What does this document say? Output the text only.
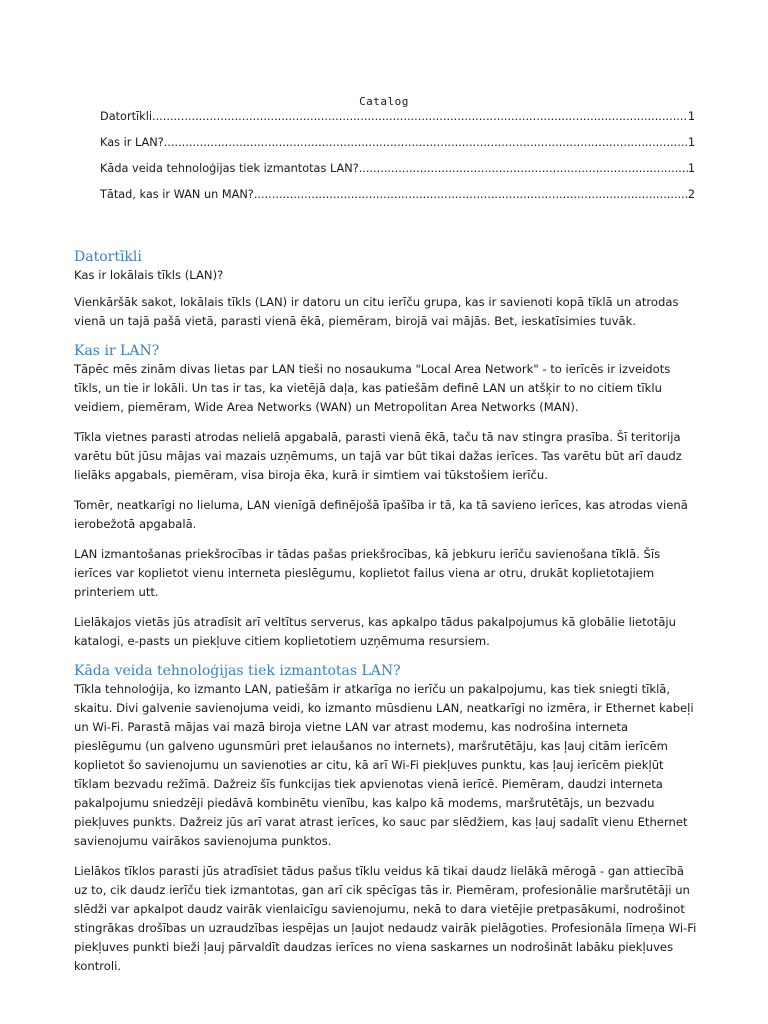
Catalog
Datortīkli .....	1
Kas ir LAN? .....	1
Kāda veida tehnoloģijas tiek izmantotas LAN? .....	1
Tātad, kas ir WAN un MAN? .....	2
Datortīkli

Kas ir lokālais tīkls (LAN)?

Vienkāršāk sakot, lokālais tīkls (LAN) ir datoru un citu ierīču grupa, kas ir savienoti kopā tīklā un atrodas vienā un tajā pašā vietā, parasti vienā ēkā, piemēram, birojā vai mājās. Bet, ieskatīsimies tuvāk.

Kas ir LAN?

Tāpēc mēs zinām divas lietas par LAN tieši no nosaukuma "Local Area Network" - to ierīcēs ir izveidots tīkls, un tie ir lokāli. Un tas ir tas, ka vietējā daļa, kas patiešām definē LAN un atšķir to no citiem tīklu veidiem, piemēram, Wide Area Networks (WAN) un Metropolitan Area Networks (MAN).

Tīkla vietnes parasti atrodas nelielā apgabalā, parasti vienā ēkā, taču tā nav stingra prasība. Šī teritorija varētu būt jūsu mājas vai mazais uzņēmums, un tajā var būt tikai dažas ierīces. Tas varētu būt arī daudz lielāks apgabals, piemēram, visa biroja ēka, kurā ir simtiem vai tūkstošiem ierīču.

Tomēr, neatkarīgi no lieluma, LAN vienīgā definējošā īpašība ir tā, ka tā savieno ierīces, kas atrodas vienā ierobežotā apgabalā.

LAN izmantošanas priekšrocības ir tādas pašas priekšrocības, kā jebkuru ierīču savienošana tīklā. Šīs ierīces var koplietot vienu interneta pieslēgumu, koplietot failus viena ar otru, drukāt koplietotajiem printeriem utt.

Lielākajos vietās jūs atradīsit arī veltītus serverus, kas apkalpo tādus pakalpojumus kā globālie lietotāju katalogi, e-pasts un piekļuve citiem koplietotiem uzņēmuma resursiem.

Kāda veida tehnoloģijas tiek izmantotas LAN?

Tīkla tehnoloģija, ko izmanto LAN, patiešām ir atkarīga no ierīču un pakalpojumu, kas tiek sniegti tīklā, skaitu. Divi galvenie savienojuma veidi, ko izmanto mūsdienu LAN, neatkarīgi no izmēra, ir Ethernet kabeļi un Wi-Fi. Parastā mājas vai mazā biroja vietne LAN var atrast modemu, kas nodrošina interneta pieslēgumu (un galveno ugunsmūri pret ielaušanos no internets), maršrutētāju, kas ļauj citām ierīcēm koplietot šo savienojumu un savienoties ar citu, kā arī Wi-Fi piekļuves punktu, kas ļauj ierīcēm piekļūt tīklam bezvadu režīmā. Dažreiz šīs funkcijas tiek apvienotas vienā ierīcē. Piemēram, daudzi interneta pakalpojumu sniedzēji piedāvā kombinētu vienību, kas kalpo kā modems, maršrutētājs, un bezvadu piekļuves punkts. Dažreiz jūs arī varat atrast ierīces, ko sauc par slēdžiem, kas ļauj sadalīt vienu Ethernet savienojumu vairākos savienojuma punktos.

Lielākos tīklos parasti jūs atradīsiet tādus pašus tīklu veidus kā tikai daudz lielākā mērogā - gan attiecībā uz to, cik daudz ierīču tiek izmantotas, gan arī cik spēcīgas tās ir. Piemēram, profesionālie maršrutētāji un slēdži var apkalpot daudz vairāk vienlaicīgu savienojumu, nekā to dara vietējie pretpasākumi, nodrošinot stingrākas drošības un uzraudzības iespējas un ļaujot nedaudz vairāk pielāgoties. Profesionāla līmeņa Wi-Fi piekļuves punkti bieži ļauj pārvaldīt daudzas ierīces no viena saskarnes un nodrošināt labāku piekļuves kontroli.
